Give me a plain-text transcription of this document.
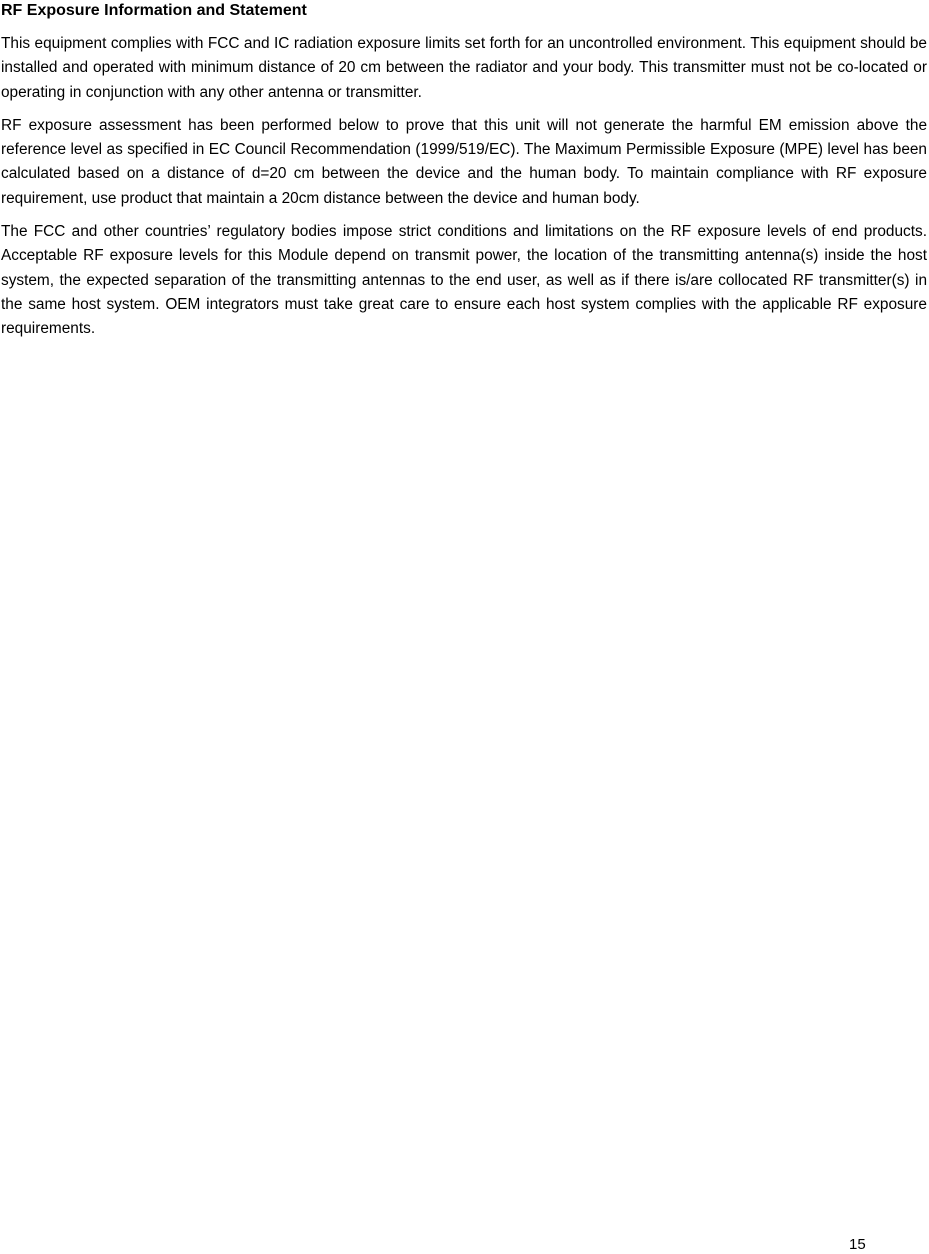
RF Exposure Information and Statement

This equipment complies with FCC and IC radiation exposure limits set forth for an uncontrolled environment. This equipment should be installed and operated with minimum distance of 20 cm between the radiator and your body. This transmitter must not be co-located or operating in conjunction with any other antenna or transmitter.

RF exposure assessment has been performed below to prove that this unit will not generate the harmful EM emission above the reference level as specified in EC Council Recommendation (1999/519/EC). The Maximum Permissible Exposure (MPE) level has been calculated based on a distance of d=20 cm between the device and the human body. To maintain compliance with RF exposure requirement, use product that maintain a 20cm distance between the device and human body.

The FCC and other countries’ regulatory bodies impose strict conditions and limitations on the RF exposure levels of end products. Acceptable RF exposure levels for this Module depend on transmit power, the location of the transmitting antenna(s) inside the host system, the expected separation of the transmitting antennas to the end user, as well as if there is/are collocated RF transmitter(s) in the same host system. OEM integrators must take great care to ensure each host system complies with the applicable RF exposure requirements.

15
